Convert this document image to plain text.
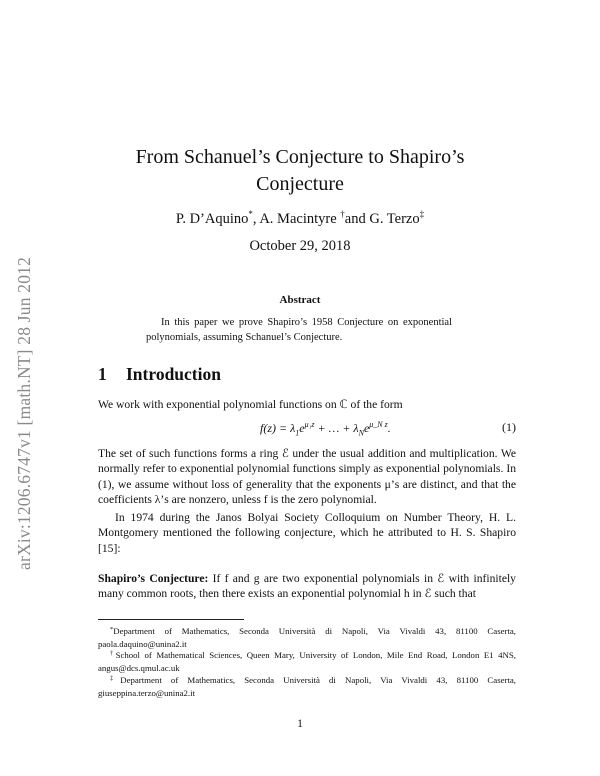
arXiv:1206.6747v1 [math.NT] 28 Jun 2012
From Schanuel’s Conjecture to Shapiro’s
Conjecture
P. D’Aquino*, A. Macintyre †and G. Terzo‡
October 29, 2018
Abstract

In this paper we prove Shapiro’s 1958 Conjecture on exponential polynomials, assuming Schanuel’s Conjecture.

1 Introduction

We work with exponential polynomial functions on ℂ of the form

$f(z) = \lambda_1e^{\mu_1z}$ + … + $\lambda_Ne^{\mu\_N z}$.	(1)

The set of such functions forms a ring ℰ under the usual addition and multiplication. We normally refer to exponential polynomial functions simply as exponential polynomials. In (1), we assume without loss of generality that the exponents μ’s are distinct, and that the coefficients λ’s are nonzero, unless f is the zero polynomial.

In 1974 during the Janos Bolyai Society Colloquium on Number Theory, H. L. Montgomery mentioned the following conjecture, which he attributed to H. S. Shapiro [15]:

Shapiro’s Conjecture: If f and g are two exponential polynomials in ℰ with infinitely many common roots, then there exists an exponential polynomial h in ℰ such that

*Department of Mathematics, Seconda Università di Napoli, Via Vivaldi 43, 81100 Caserta, paola.daquino@unina2.it

†School of Mathematical Sciences, Queen Mary, University of London, Mile End Road, London E1 4NS, angus@dcs.qmul.ac.uk

‡Department of Mathematics, Seconda Università di Napoli, Via Vivaldi 43, 81100 Caserta, giuseppina.terzo@unina2.it

1
